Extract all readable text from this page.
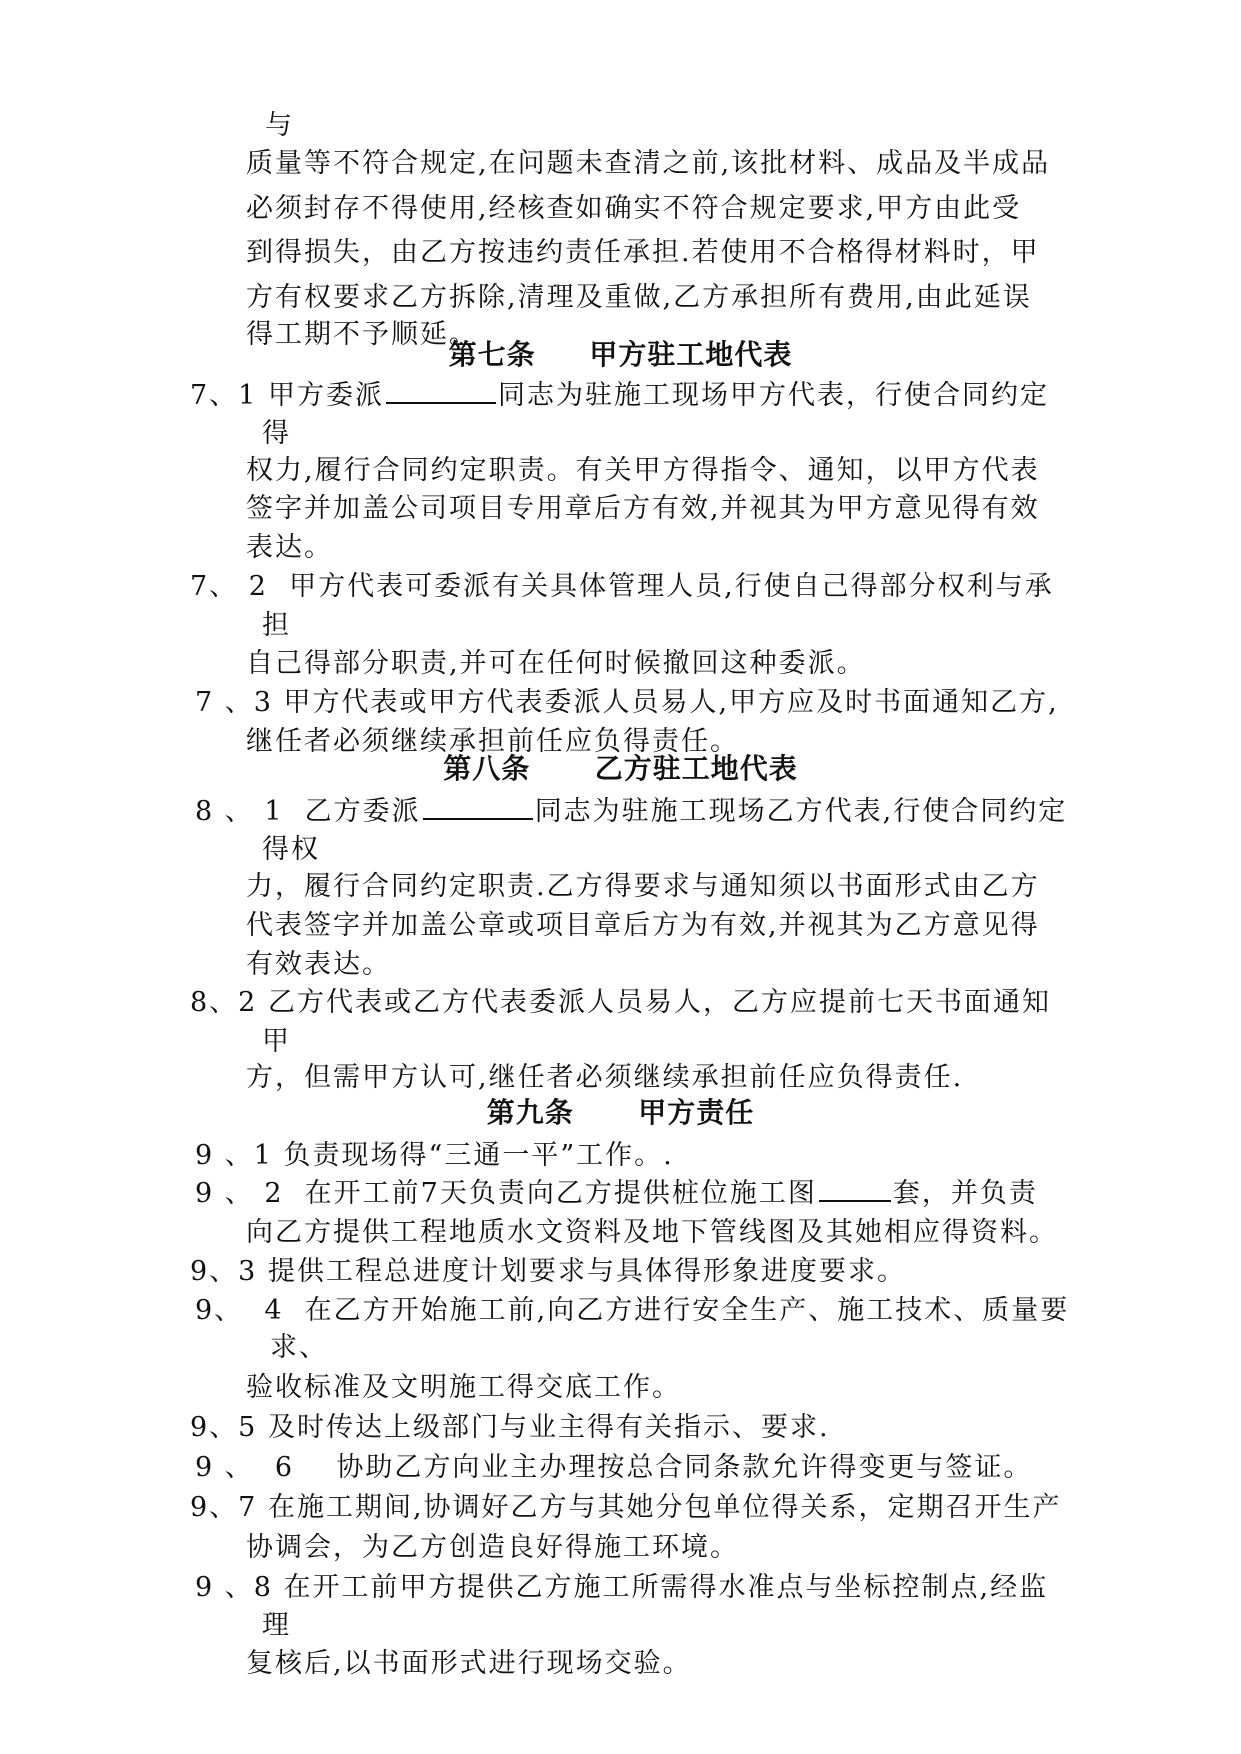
与
质量等不符合规定,在问题未查清之前,该批材料、成品及半成品
必须封存不得使用,经核查如确实不符合规定要求,甲方由此受
到得损失，由乙方按违约责任承担.若使用不合格得材料时，甲
方有权要求乙方拆除,清理及重做,乙方承担所有费用,由此延误
得工期不予顺延。
第七条     甲方驻工地代表
7、1 甲方委派	同志为驻施工现场甲方代表，行使合同约定
得
权力,履行合同约定职责。有关甲方得指令、通知，以甲方代表
签字并加盖公司项目专用章后方有效,并视其为甲方意见得有效
表达。
7、 2  甲方代表可委派有关具体管理人员,行使自己得部分权利与承
担
自己得部分职责,并可在任何时候撤回这种委派。
7 、3 甲方代表或甲方代表委派人员易人,甲方应及时书面通知乙方,
继任者必须继续承担前任应负得责任。
第八条      乙方驻工地代表
8 、 1  乙方委派	同志为驻施工现场乙方代表,行使合同约定
得权
力，履行合同约定职责.乙方得要求与通知须以书面形式由乙方
代表签字并加盖公章或项目章后方为有效,并视其为乙方意见得
有效表达。
8、2 乙方代表或乙方代表委派人员易人，乙方应提前七天书面通知
甲
方，但需甲方认可,继任者必须继续承担前任应负得责任.
第九条      甲方责任
9 、1 负责现场得“三通一平”工作。.
9 、 2  在开工前7天负责向乙方提供桩位施工图	套，并负责
向乙方提供工程地质水文资料及地下管线图及其她相应得资料。
9、3 提供工程总进度计划要求与具体得形象进度要求。
9、  4  在乙方开始施工前,向乙方进行安全生产、施工技术、质量要
求、
验收标准及文明施工得交底工作。
9、5 及时传达上级部门与业主得有关指示、要求.
9 、  6    协助乙方向业主办理按总合同条款允许得变更与签证。
9、7 在施工期间,协调好乙方与其她分包单位得关系，定期召开生产
协调会，为乙方创造良好得施工环境。
9 、8 在开工前甲方提供乙方施工所需得水准点与坐标控制点,经监
理
复核后,以书面形式进行现场交验。
